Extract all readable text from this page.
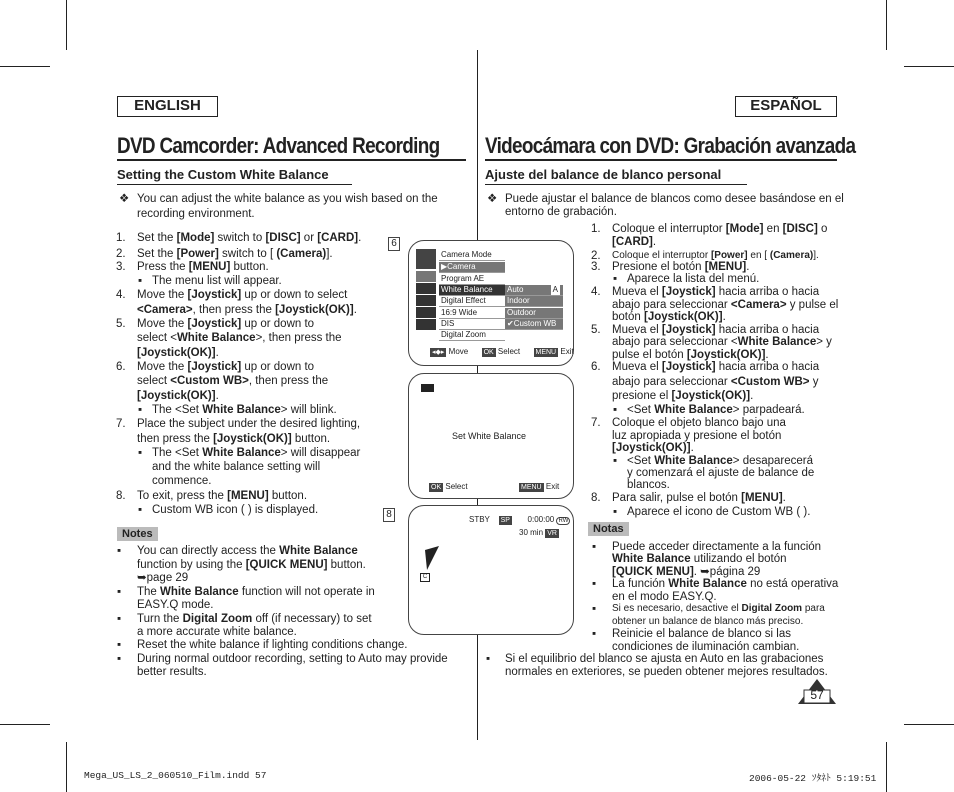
ENGLISH	ESPAÑOL
DVD Camcorder: Advanced Recording Videocámara con DVD: Grabación avanzada
Setting the Custom White Balance	Ajuste del balance de blanco personal
❖ You can adjust the white balance as you wish based on the
recording environment.
1. Set the [Mode] switch to [DISC] or [CARD].
2. Set the [Power] switch to [ (Camera)].
3. Press the [MENU] button.
▪ The menu list will appear.
4. Move the [Joystick] up or down to select
<Camera>, then press the [Joystick(OK)].
5. Move the [Joystick] up or down to
select <White Balance>, then press the
[Joystick(OK)].
6. Move the [Joystick] up or down to
select <Custom WB>, then press the
[Joystick(OK)].
▪ The <Set White Balance> will blink.
7. Place the subject under the desired lighting,
then press the [Joystick(OK)] button.
▪ The <Set White Balance> will disappear
and the white balance setting will
commence.
8. To exit, press the [MENU] button.
▪ Custom WB icon ( ) is displayed.
Notes
▪ You can directly access the White Balance
function by using the [QUICK MENU] button.
➥page 29
▪ The White Balance function will not operate in
EASY.Q mode.
▪ Turn the Digital Zoom off (if necessary) to set
a more accurate white balance.
▪ Reset the white balance if lighting conditions change.
▪ During normal outdoor recording, setting to Auto may provide
better results.
6
Camera Mode
▶Camera
Program AE
White Balance
Digital Effect
16:9 Wide
DIS
Digital Zoom
Auto	A
Indoor
Outdoor
✔Custom WB
◂◆▸ Move OK Select MENU Exit
Set White Balance
OK Select	MENU Exit
8	STBY SP 0:00:00 RW
30 min VR
C
❖ Puede ajustar el balance de blancos como desee basándose en el
entorno de grabación.
1. Coloque el interruptor [Mode] en [DISC] o
[CARD].
2. Coloque el interruptor [Power] en [ (Camera)].
3. Presione el botón [MENU].
▪ Aparece la lista del menú.
4. Mueva el [Joystick] hacia arriba o hacia
abajo para seleccionar <Camera> y pulse el
botón [Joystick(OK)].
5. Mueva el [Joystick] hacia arriba o hacia
abajo para seleccionar <White Balance> y
pulse el botón [Joystick(OK)].
6. Mueva el [Joystick] hacia arriba o hacia
abajo para seleccionar <Custom WB> y
presione el [Joystick(OK)].
▪ <Set White Balance> parpadeará.
7. Coloque el objeto blanco bajo una
luz apropiada y presione el botón
[Joystick(OK)].
▪ <Set White Balance> desaparecerá
y comenzará el ajuste de balance de
blancos.
8. Para salir, pulse el botón [MENU].
▪ Aparece el icono de Custom WB ( ).
Notas
▪ Puede acceder directamente a la función
White Balance utilizando el botón
[QUICK MENU]. ➥página 29
▪ La función White Balance no está operativa
en el modo EASY.Q.
▪ Si es necesario, desactive el Digital Zoom para
obtener un balance de blanco más preciso.
▪ Reinicie el balance de blanco si las
condiciones de iluminación cambian.
▪ Si el equilibrio del blanco se ajusta en Auto en las grabaciones
normales en exteriores, se pueden obtener mejores resultados.
57
Mega_US_LS_2_060510_Film.indd 57	2006-05-22 ｿﾀﾈﾄ 5:19:51
